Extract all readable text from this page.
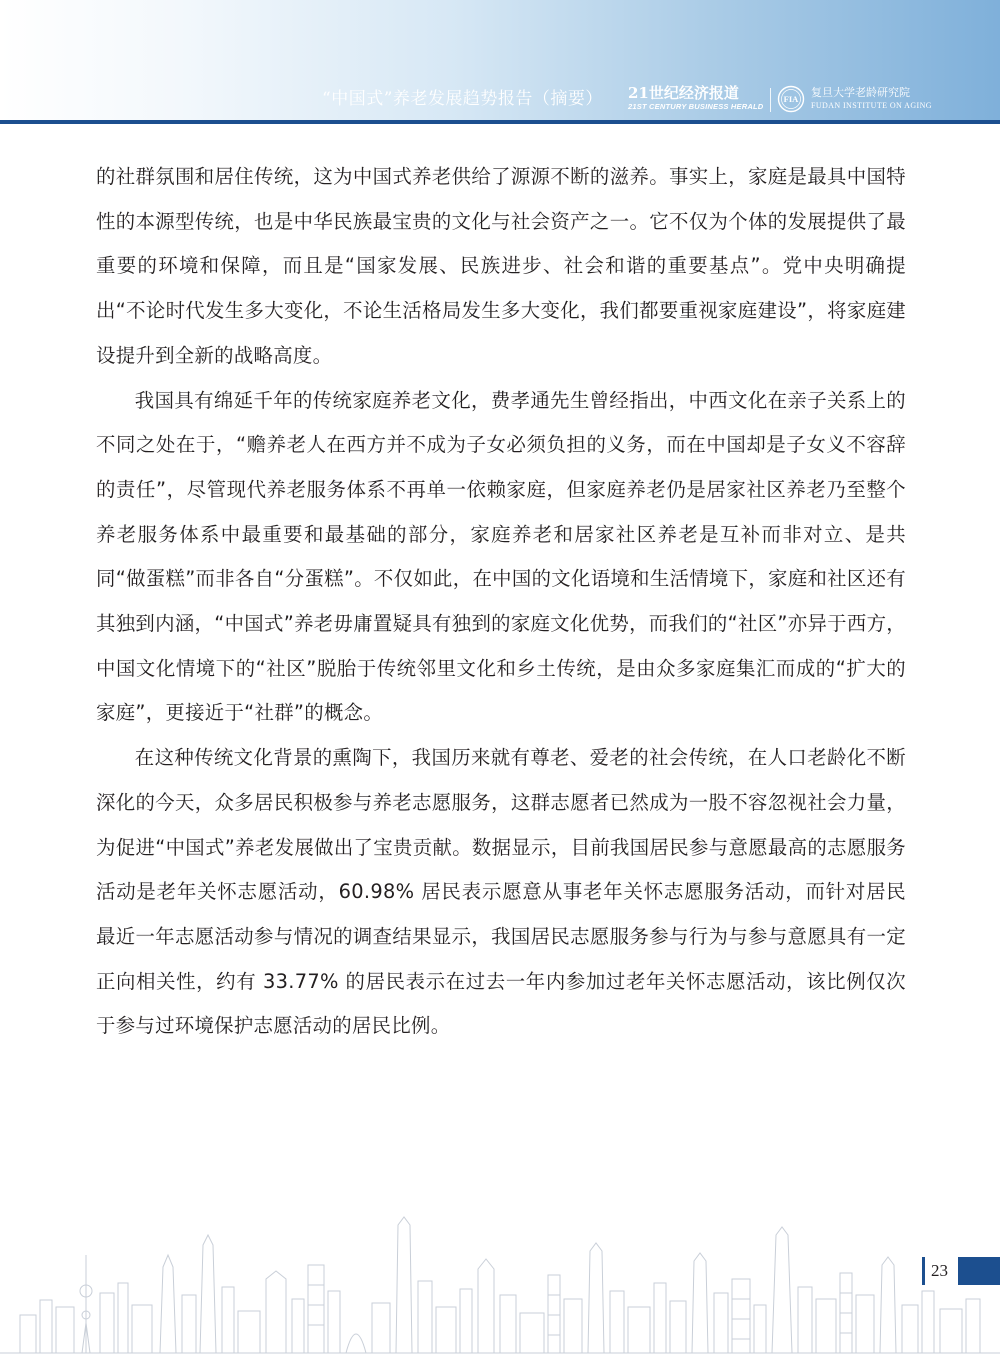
“中国式”养老发展趋势报告（摘要） 21世纪经济报道
21ST CENTURY BUSINESS HERALD
FIA
复旦大学老龄研究院
FUDAN INSTITUTE ON AGING

的社群氛围和居住传统，这为中国式养老供给了源源不断的滋养。事实上，家庭是最具中国特性的本源型传统，也是中华民族最宝贵的文化与社会资产之一。它不仅为个体的发展提供了最重要的环境和保障，而且是“国家发展、民族进步、社会和谐的重要基点”。党中央明确提出“不论时代发生多大变化，不论生活格局发生多大变化，我们都要重视家庭建设”，将家庭建设提升到全新的战略高度。

我国具有绵延千年的传统家庭养老文化，费孝通先生曾经指出，中西文化在亲子关系上的不同之处在于，“赡养老人在西方并不成为子女必须负担的义务，而在中国却是子女义不容辞的责任”，尽管现代养老服务体系不再单一依赖家庭，但家庭养老仍是居家社区养老乃至整个养老服务体系中最重要和最基础的部分，家庭养老和居家社区养老是互补而非对立、是共同“做蛋糕”而非各自“分蛋糕”。不仅如此，在中国的文化语境和生活情境下，家庭和社区还有其独到内涵，“中国式”养老毋庸置疑具有独到的家庭文化优势，而我们的“社区”亦异于西方，中国文化情境下的“社区”脱胎于传统邻里文化和乡土传统，是由众多家庭集汇而成的“扩大的家庭”，更接近于“社群”的概念。

在这种传统文化背景的熏陶下，我国历来就有尊老、爱老的社会传统，在人口老龄化不断深化的今天，众多居民积极参与养老志愿服务，这群志愿者已然成为一股不容忽视社会力量，为促进“中国式”养老发展做出了宝贵贡献。数据显示，目前我国居民参与意愿最高的志愿服务活动是老年关怀志愿活动，60.98% 居民表示愿意从事老年关怀志愿服务活动，而针对居民最近一年志愿活动参与情况的调查结果显示，我国居民志愿服务参与行为与参与意愿具有一定正向相关性，约有 33.77% 的居民表示在过去一年内参加过老年关怀志愿活动，该比例仅次于参与过环境保护志愿活动的居民比例。

23
